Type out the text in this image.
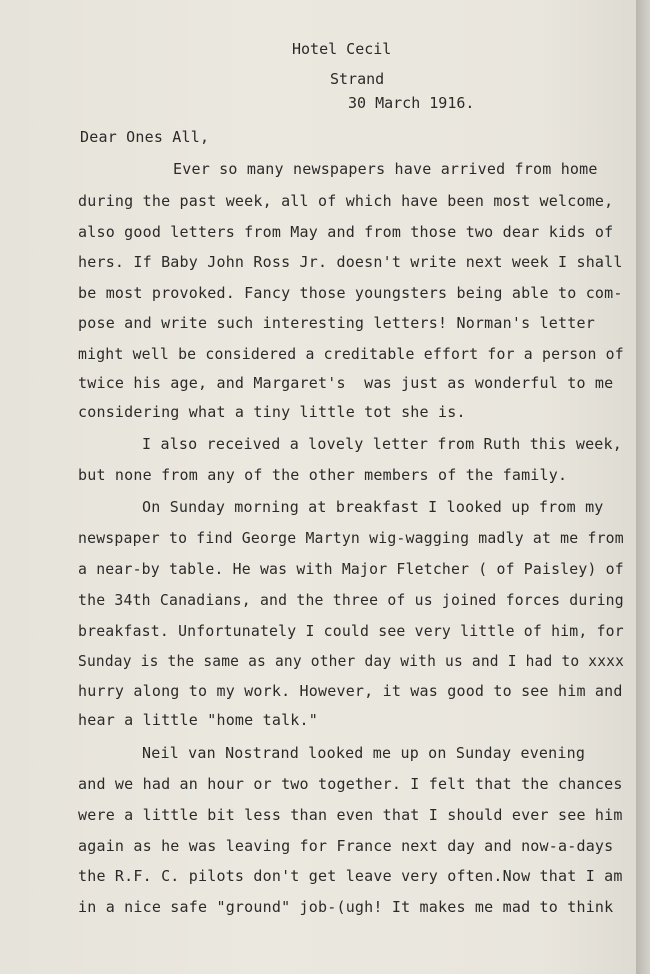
Hotel Cecil

Strand

30 March 1916.

Dear Ones All,

Ever so many newspapers have arrived from home

during the past week, all of which have been most welcome,

also good letters from May and from those two dear kids of

hers. If Baby John Ross Jr. doesn't write next week I shall

be most provoked. Fancy those youngsters being able to com-

pose and write such interesting letters! Norman's letter

might well be considered a creditable effort for a person of

twice his age, and Margaret's  was just as wonderful to me

considering what a tiny little tot she is.

I also received a lovely letter from Ruth this week,

but none from any of the other members of the family.

On Sunday morning at breakfast I looked up from my

newspaper to find George Martyn wig-wagging madly at me from

a near-by table. He was with Major Fletcher ( of Paisley) of

the 34th Canadians, and the three of us joined forces during

breakfast. Unfortunately I could see very little of him, for

Sunday is the same as any other day with us and I had to xxxx

hurry along to my work. However, it was good to see him and

hear a little "home talk."

Neil van Nostrand looked me up on Sunday evening

and we had an hour or two together. I felt that the chances

were a little bit less than even that I should ever see him

again as he was leaving for France next day and now-a-days

the R.F. C. pilots don't get leave very often.Now that I am

in a nice safe "ground" job-(ugh! It makes me mad to think
